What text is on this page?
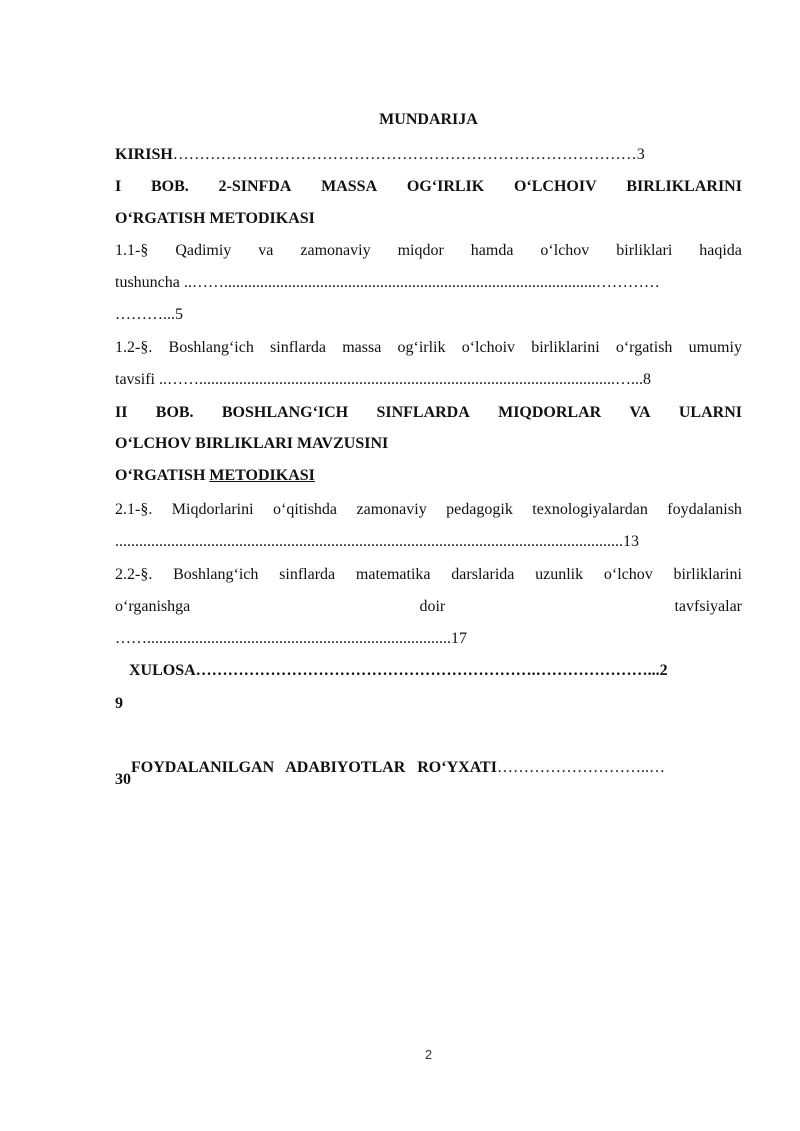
MUNDARIJA
KIRISH……………………………………………………………………………3
I BOB. 2-SINFDA MASSA OG‘IRLIK O‘LCHOIV BIRLIKLARINI
O‘RGATISH METODIKASI
1.1-§ Qadimiy va zamonaviy miqdor hamda o‘lchov birliklari haqida
tushuncha ..…….............................................................................................…………
………...5
1.2-§. Boshlang‘ich sinflarda massa og‘irlik o‘lchoiv birliklarini o‘rgatish umumiy
tavsifi ..……........................................................................................................…...8
II BOB. BOSHLANG‘ICH SINFLARDA MIQDORLAR VA ULARNI
O‘LCHOV BIRLIKLARI MAVZUSINI
O‘RGATISH METODIKASI
2.1-§. Miqdorlarini o‘qitishda zamonaviy pedagogik texnologiyalardan foydalanish
...............................................................................................................................13
2.2-§. Boshlang‘ich sinflarda matematika darslarida uzunlik o‘lchov birliklarini
o‘rganishga	doir	tavfsiyalar
……............................................................................17
XULOSA……………………………………………………….…………………...2
9

FOYDALANILGAN   ADABIYOTLAR   RO‘YXATI………………………..…

30
2
